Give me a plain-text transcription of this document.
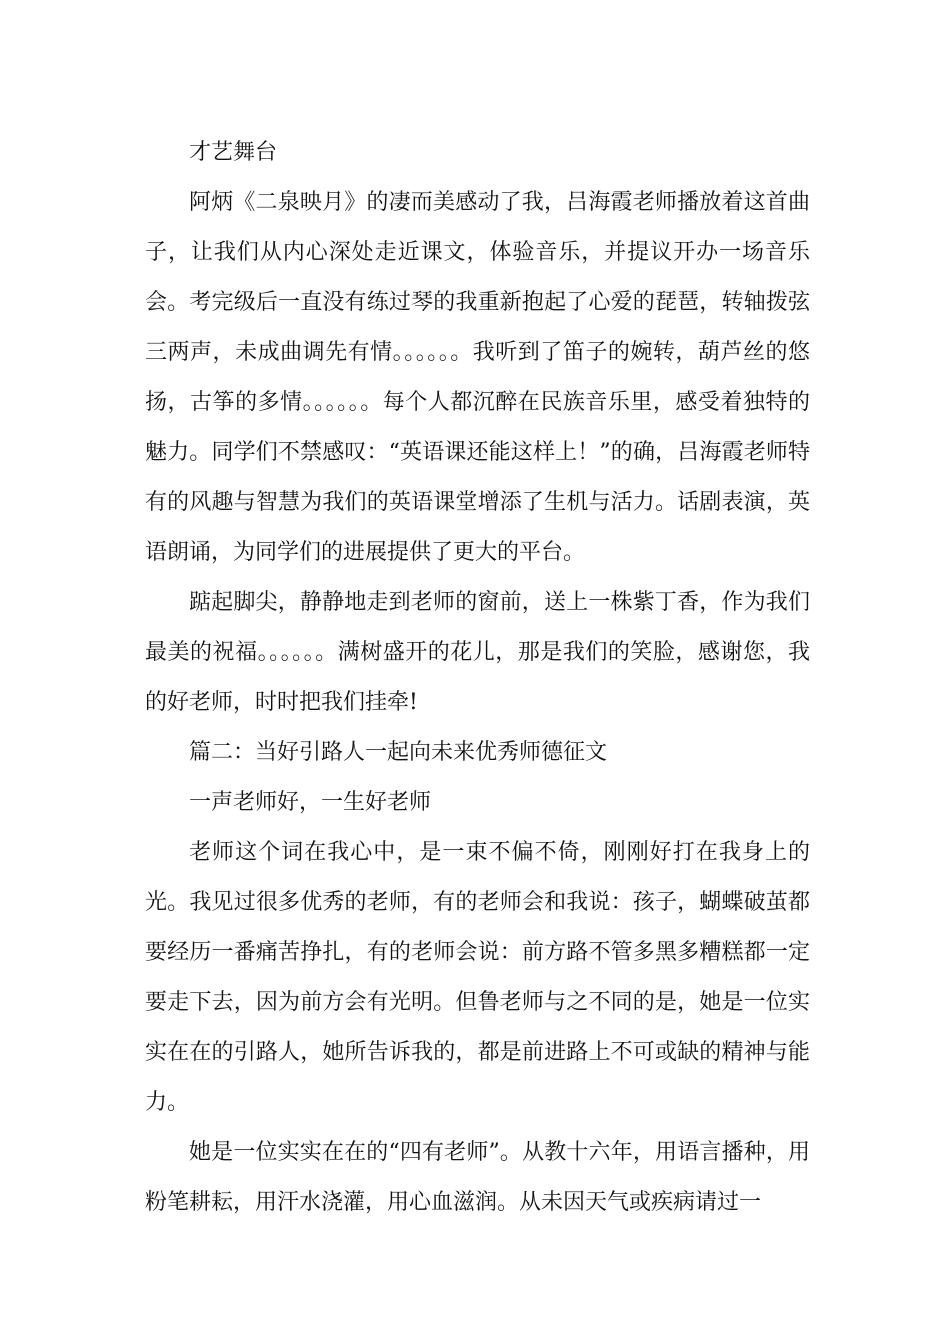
才艺舞台

阿炳《二泉映月》的凄而美感动了我，吕海霞老师播放着这首曲子，让我们从内心深处走近课文，体验音乐，并提议开办一场音乐会。考完级后一直没有练过琴的我重新抱起了心爱的琵琶，转轴拨弦三两声，未成曲调先有情。。。。。。我听到了笛子的婉转，葫芦丝的悠扬，古筝的多情。。。。。。每个人都沉醉在民族音乐里，感受着独特的魅力。同学们不禁感叹：“英语课还能这样上！”的确，吕海霞老师特有的风趣与智慧为我们的英语课堂增添了生机与活力。话剧表演，英语朗诵，为同学们的进展提供了更大的平台。

踮起脚尖，静静地走到老师的窗前，送上一株紫丁香，作为我们最美的祝福。。。。。。满树盛开的花儿，那是我们的笑脸，感谢您，我的好老师，时时把我们挂牵!

篇二：当好引路人一起向未来优秀师德征文

一声老师好，一生好老师

老师这个词在我心中，是一束不偏不倚，刚刚好打在我身上的光。我见过很多优秀的老师，有的老师会和我说：孩子，蝴蝶破茧都要经历一番痛苦挣扎，有的老师会说：前方路不管多黑多糟糕都一定要走下去，因为前方会有光明。但鲁老师与之不同的是，她是一位实实在在的引路人，她所告诉我的，都是前进路上不可或缺的精神与能力。

她是一位实实在在的“四有老师”。从教十六年，用语言播种，用粉笔耕耘，用汗水浇灌，用心血滋润。从未因天气或疾病请过一
